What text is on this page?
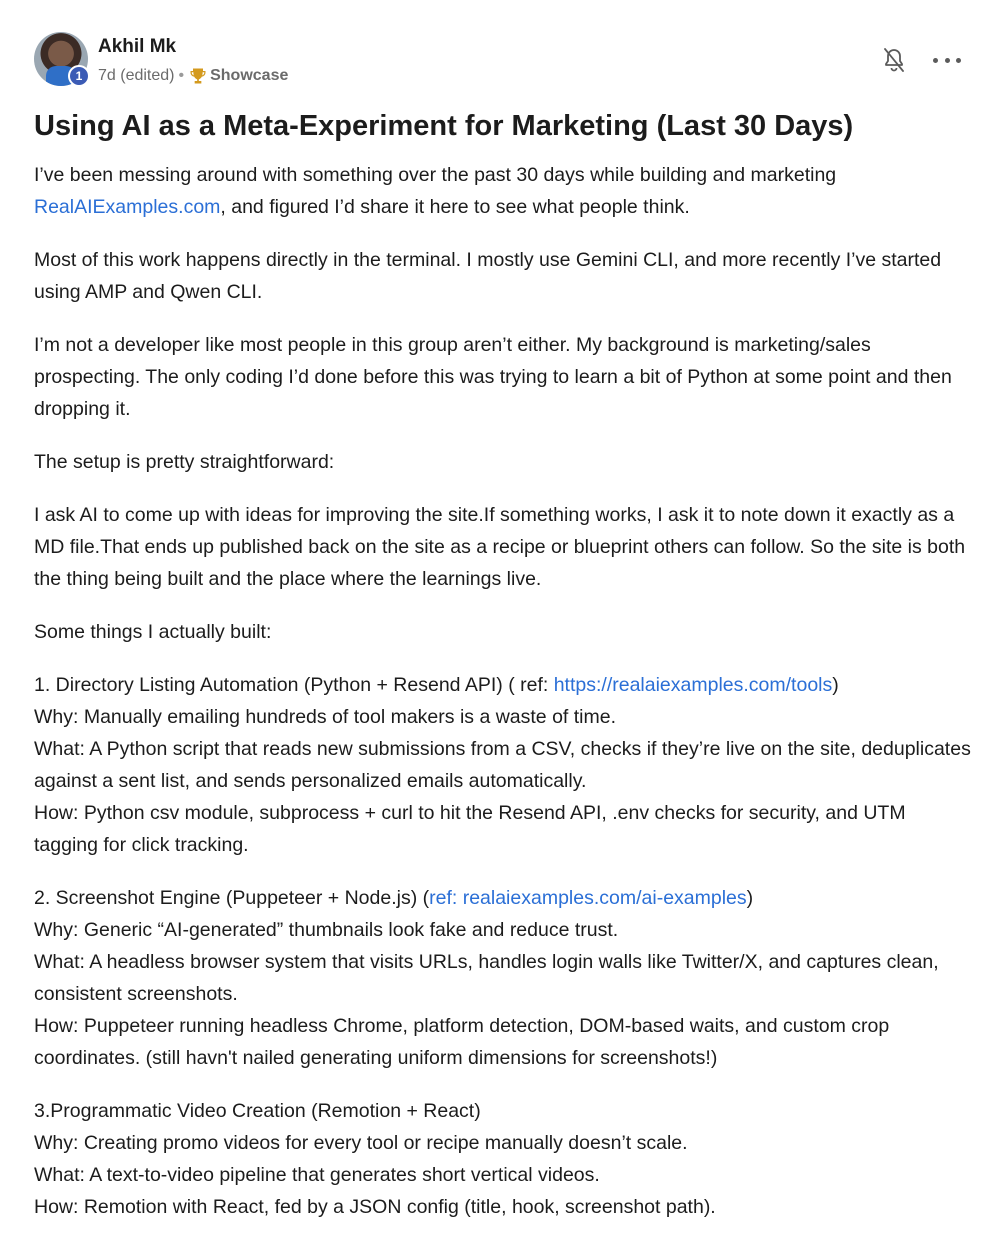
1
Akhil Mk
7d (edited) • Showcase
Using AI as a Meta-Experiment for Marketing (Last 30 Days)

I’ve been messing around with something over the past 30 days while building and marketing RealAIExamples.com, and figured I’d share it here to see what people think.

Most of this work happens directly in the terminal. I mostly use Gemini CLI, and more recently I’ve started using AMP and Qwen CLI.

I’m not a developer like most people in this group aren’t either. My background is marketing/sales prospecting. The only coding I’d done before this was trying to learn a bit of Python at some point and then dropping it.

The setup is pretty straightforward:

I ask AI to come up with ideas for improving the site.If something works, I ask it to note down it exactly as a MD file.That ends up published back on the site as a recipe or blueprint others can follow. So the site is both the thing being built and the place where the learnings live.

Some things I actually built:

1. Directory Listing Automation (Python + Resend API) ( ref: https://realaiexamples.com/tools)
Why: Manually emailing hundreds of tool makers is a waste of time.
What: A Python script that reads new submissions from a CSV, checks if they’re live on the site, deduplicates against a sent list, and sends personalized emails automatically.
How: Python csv module, subprocess + curl to hit the Resend API, .env checks for security, and UTM tagging for click tracking.

2. Screenshot Engine (Puppeteer + Node.js) (ref: realaiexamples.com/ai-examples)
Why: Generic “AI-generated” thumbnails look fake and reduce trust.
What: A headless browser system that visits URLs, handles login walls like Twitter/X, and captures clean, consistent screenshots.
How: Puppeteer running headless Chrome, platform detection, DOM-based waits, and custom crop coordinates. (still havn't nailed generating uniform dimensions for screenshots!)

3.Programmatic Video Creation (Remotion + React)
Why: Creating promo videos for every tool or recipe manually doesn’t scale.
What: A text-to-video pipeline that generates short vertical videos.
How: Remotion with React, fed by a JSON config (title, hook, screenshot path).
